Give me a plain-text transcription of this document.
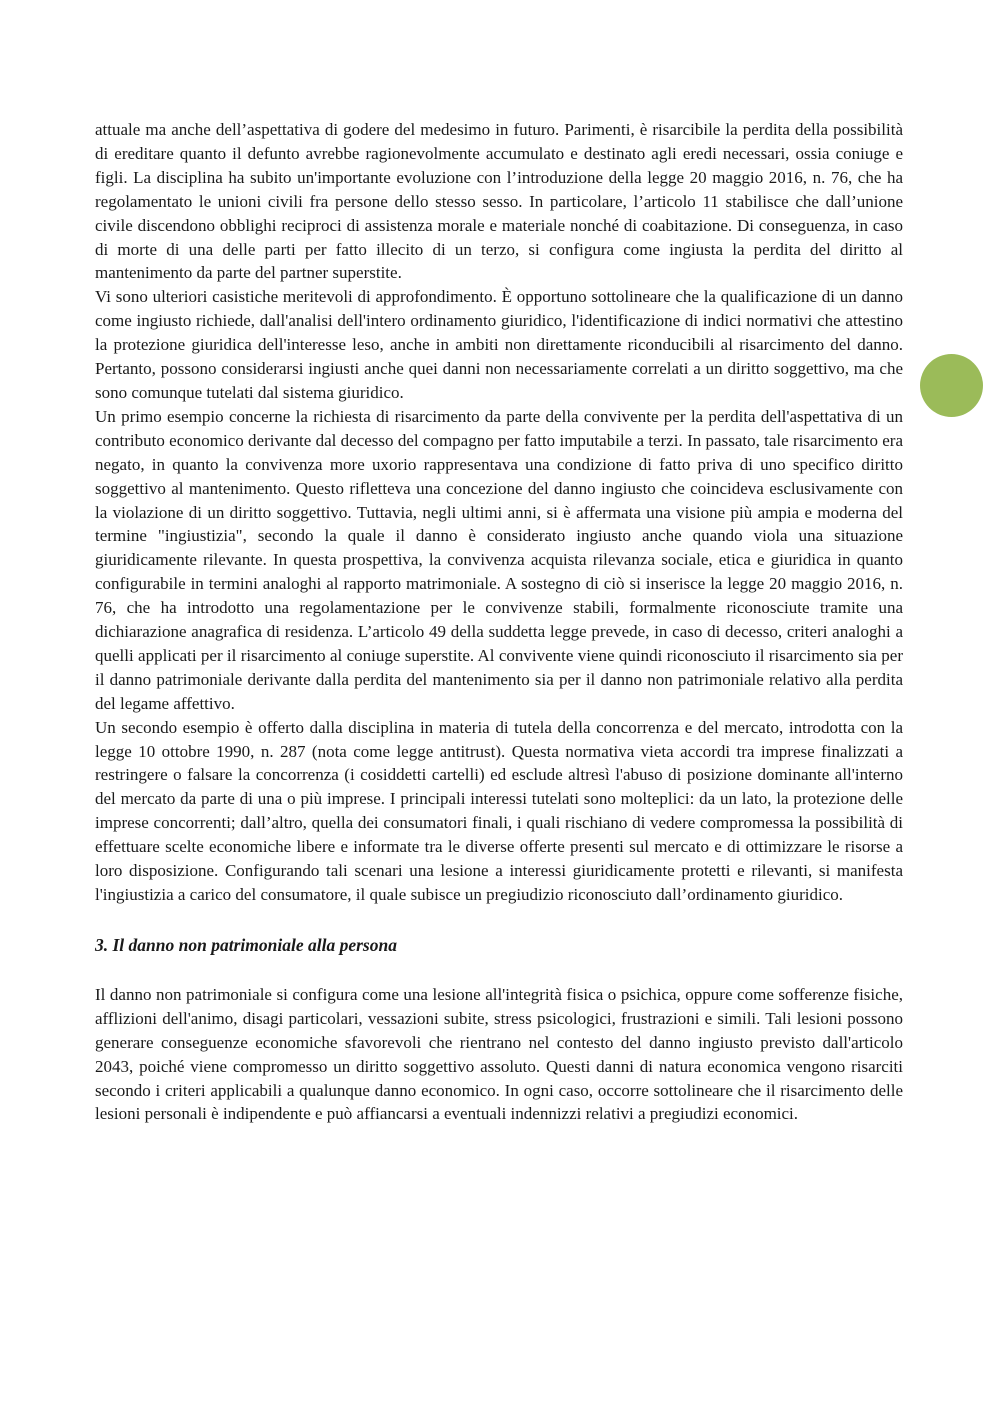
attuale ma anche dell’aspettativa di godere del medesimo in futuro. Parimenti, è risarcibile la perdita della possibilità di ereditare quanto il defunto avrebbe ragionevolmente accumulato e destinato agli eredi necessari, ossia coniuge e figli. La disciplina ha subito un'importante evoluzione con l’introduzione della legge 20 maggio 2016, n. 76, che ha regolamentato le unioni civili fra persone dello stesso sesso. In particolare, l’articolo 11 stabilisce che dall’unione civile discendono obblighi reciproci di assistenza morale e materiale nonché di coabitazione. Di conseguenza, in caso di morte di una delle parti per fatto illecito di un terzo, si configura come ingiusta la perdita del diritto al mantenimento da parte del partner superstite.

Vi sono ulteriori casistiche meritevoli di approfondimento. È opportuno sottolineare che la qualificazione di un danno come ingiusto richiede, dall'analisi dell'intero ordinamento giuridico, l'identificazione di indici normativi che attestino la protezione giuridica dell'interesse leso, anche in ambiti non direttamente riconducibili al risarcimento del danno. Pertanto, possono considerarsi ingiusti anche quei danni non necessariamente correlati a un diritto soggettivo, ma che sono comunque tutelati dal sistema giuridico.

Un primo esempio concerne la richiesta di risarcimento da parte della convivente per la perdita dell'aspettativa di un contributo economico derivante dal decesso del compagno per fatto imputabile a terzi. In passato, tale risarcimento era negato, in quanto la convivenza more uxorio rappresentava una condizione di fatto priva di uno specifico diritto soggettivo al mantenimento. Questo rifletteva una concezione del danno ingiusto che coincideva esclusivamente con la violazione di un diritto soggettivo. Tuttavia, negli ultimi anni, si è affermata una visione più ampia e moderna del termine "ingiustizia", secondo la quale il danno è considerato ingiusto anche quando viola una situazione giuridicamente rilevante. In questa prospettiva, la convivenza acquista rilevanza sociale, etica e giuridica in quanto configurabile in termini analoghi al rapporto matrimoniale. A sostegno di ciò si inserisce la legge 20 maggio 2016, n. 76, che ha introdotto una regolamentazione per le convivenze stabili, formalmente riconosciute tramite una dichiarazione anagrafica di residenza. L’articolo 49 della suddetta legge prevede, in caso di decesso, criteri analoghi a quelli applicati per il risarcimento al coniuge superstite. Al convivente viene quindi riconosciuto il risarcimento sia per il danno patrimoniale derivante dalla perdita del mantenimento sia per il danno non patrimoniale relativo alla perdita del legame affettivo.

Un secondo esempio è offerto dalla disciplina in materia di tutela della concorrenza e del mercato, introdotta con la legge 10 ottobre 1990, n. 287 (nota come legge antitrust). Questa normativa vieta accordi tra imprese finalizzati a restringere o falsare la concorrenza (i cosiddetti cartelli) ed esclude altresì l'abuso di posizione dominante all'interno del mercato da parte di una o più imprese. I principali interessi tutelati sono molteplici: da un lato, la protezione delle imprese concorrenti; dall’altro, quella dei consumatori finali, i quali rischiano di vedere compromessa la possibilità di effettuare scelte economiche libere e informate tra le diverse offerte presenti sul mercato e di ottimizzare le risorse a loro disposizione. Configurando tali scenari una lesione a interessi giuridicamente protetti e rilevanti, si manifesta l'ingiustizia a carico del consumatore, il quale subisce un pregiudizio riconosciuto dall’ordinamento giuridico.

3. Il danno non patrimoniale alla persona

Il danno non patrimoniale si configura come una lesione all'integrità fisica o psichica, oppure come sofferenze fisiche, afflizioni dell'animo, disagi particolari, vessazioni subite, stress psicologici, frustrazioni e simili. Tali lesioni possono generare conseguenze economiche sfavorevoli che rientrano nel contesto del danno ingiusto previsto dall'articolo 2043, poiché viene compromesso un diritto soggettivo assoluto. Questi danni di natura economica vengono risarciti secondo i criteri applicabili a qualunque danno economico. In ogni caso, occorre sottolineare che il risarcimento delle lesioni personali è indipendente e può affiancarsi a eventuali indennizzi relativi a pregiudizi economici.
